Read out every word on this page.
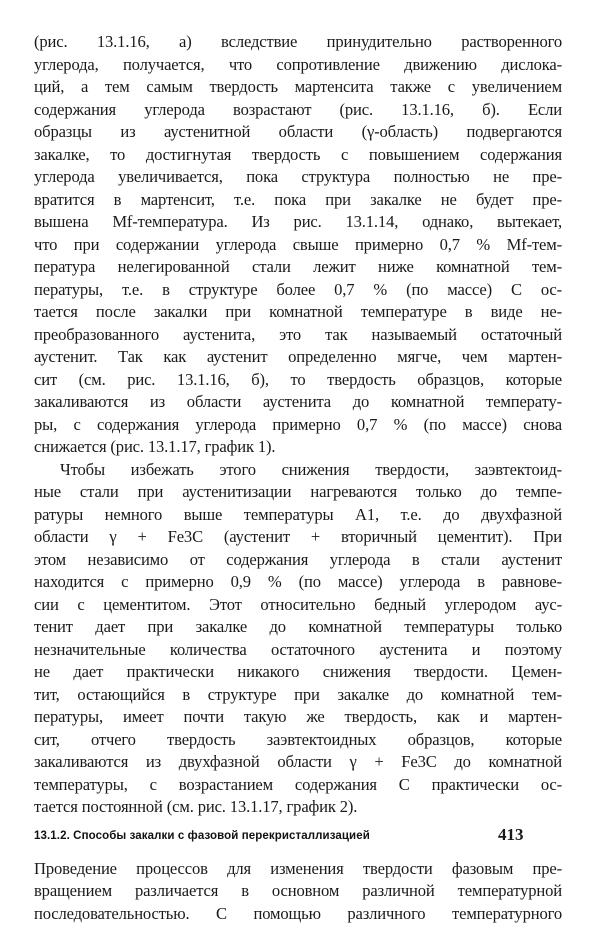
(рис. 13.1.16, а) вследствие принудительно растворенного

углерода, получается, что сопротивление движению дислока-

ций, а тем самым твердость мартенсита также с увеличением

содержания углерода возрастают (рис. 13.1.16, б). Если

образцы из аустенитной области (γ-область) подвергаются

закалке, то достигнутая твердость с повышением содержания

углерода увеличивается, пока структура полностью не пре-

вратится в мартенсит, т.е. пока при закалке не будет пре-

вышена Mf-температура. Из рис. 13.1.14, однако, вытекает,

что при содержании углерода свыше примерно 0,7 % Mf-тем-

пература нелегированной стали лежит ниже комнатной тем-

пературы, т.е. в структуре более 0,7 % (по массе) С ос-

тается после закалки при комнатной температуре в виде не-

преобразованного аустенита, это так называемый остаточный

аустенит. Так как аустенит определенно мягче, чем мартен-

сит (см. рис. 13.1.16, б), то твердость образцов, которые

закаливаются из области аустенита до комнатной температу-

ры, с содержания углерода примерно 0,7 % (по массе) снова

снижается (рис. 13.1.17, график 1).

Чтобы избежать этого снижения твердости, заэвтектоид-

ные стали при аустенитизации нагреваются только до темпе-

ратуры немного выше температуры A1, т.е. до двухфазной

области γ + Fe3C (аустенит + вторичный цементит). При

этом независимо от содержания углерода в стали аустенит

находится с примерно 0,9 % (по массе) углерода в равнове-

сии с цементитом. Этот относительно бедный углеродом аус-

тенит дает при закалке до комнатной температуры только

незначительные количества остаточного аустенита и поэтому

не дает практически никакого снижения твердости. Цемен-

тит, остающийся в структуре при закалке до комнатной тем-

пературы, имеет почти такую же твердость, как и мартен-

сит, отчего твердость заэвтектоидных образцов, которые

закаливаются из двухфазной области γ + Fe3C до комнатной

температуры, с возрастанием содержания С практически ос-

тается постоянной (см. рис. 13.1.17, график 2).

13.1.2. Способы закалки с фазовой перекристаллизацией

Проведение процессов для изменения твердости фазовым пре-

вращением различается в основном различной температурной

последовательностью. С помощью различного температурного

413
